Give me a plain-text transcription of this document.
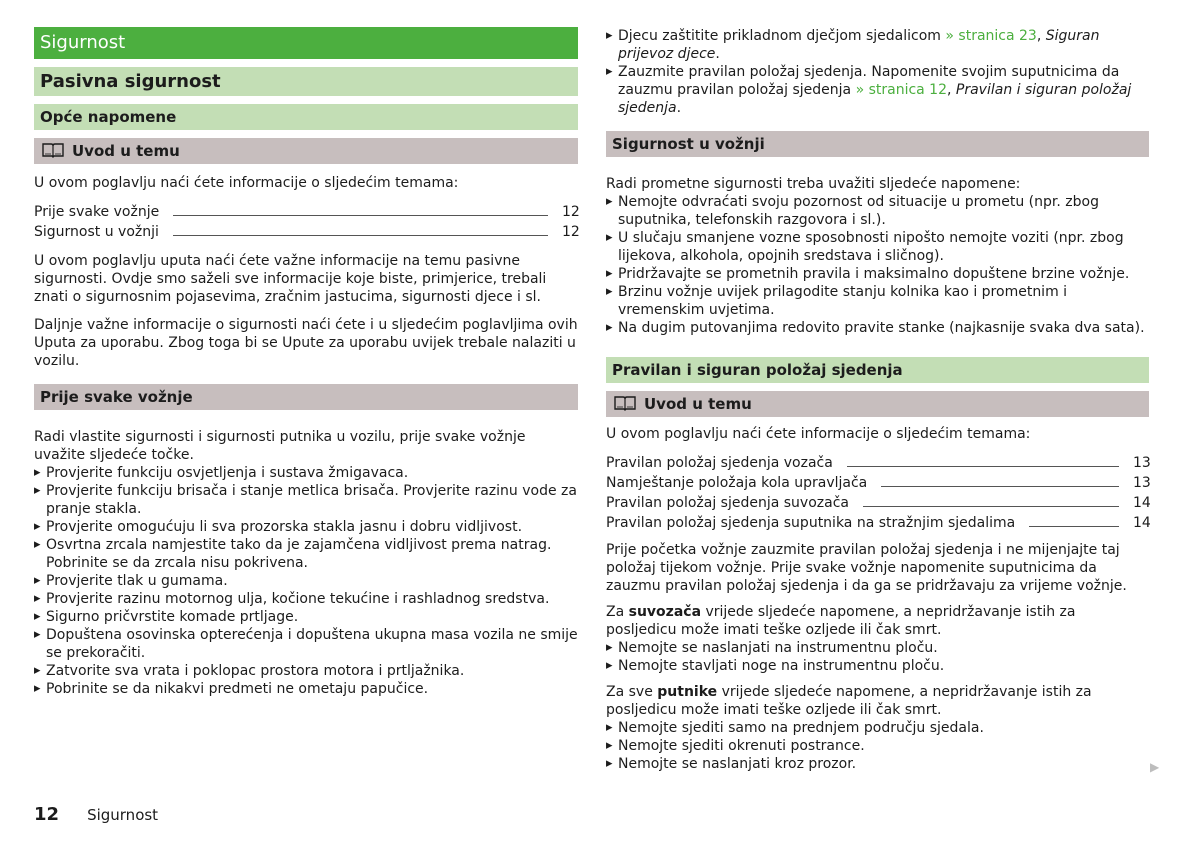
Sigurnost
Pasivna sigurnost
Opće napomene
Uvod u temu

U ovom poglavlju naći ćete informacije o sljedećim temama:

Prije svake vožnje	12
Sigurnost u vožnji	12

U ovom poglavlju uputa naći ćete važne informacije na temu pasivne sigurnosti. Ovdje smo saželi sve informacije koje biste, primjerice, trebali znati o sigurnosnim pojasevima, zračnim jastucima, sigurnosti djece i sl.

Daljnje važne informacije o sigurnosti naći ćete i u sljedećim poglavljima ovih Uputa za uporabu. Zbog toga bi se Upute za uporabu uvijek trebale nalaziti u vozilu.

Prije svake vožnje

Radi vlastite sigurnosti i sigurnosti putnika u vozilu, prije svake vožnje uvažite sljedeće točke.

▸ Provjerite funkciju osvjetljenja i sustava žmigavaca.
▸ Provjerite funkciju brisača i stanje metlica brisača. Provjerite razinu vode za pranje stakla.
▸ Provjerite omogućuju li sva prozorska stakla jasnu i dobru vidljivost.
▸ Osvrtna zrcala namjestite tako da je zajamčena vidljivost prema natrag. Pobrinite se da zrcala nisu pokrivena.
▸ Provjerite tlak u gumama.
▸ Provjerite razinu motornog ulja, kočione tekućine i rashladnog sredstva.
▸ Sigurno pričvrstite komade prtljage.
▸ Dopuštena osovinska opterećenja i dopuštena ukupna masa vozila ne smije se prekoračiti.
▸ Zatvorite sva vrata i poklopac prostora motora i prtljažnika.
▸ Pobrinite se da nikakvi predmeti ne ometaju papučice.
▸ Djecu zaštitite prikladnom dječjom sjedalicom » stranica 23, Siguran prijevoz djece.
▸ Zauzmite pravilan položaj sjedenja. Napomenite svojim suputnicima da zauzmu pravilan položaj sjedenja » stranica 12, Pravilan i siguran položaj sjedenja.
Sigurnost u vožnji

Radi prometne sigurnosti treba uvažiti sljedeće napomene:

▸ Nemojte odvraćati svoju pozornost od situacije u prometu (npr. zbog suputnika, telefonskih razgovora i sl.).
▸ U slučaju smanjene vozne sposobnosti nipošto nemojte voziti (npr. zbog lijekova, alkohola, opojnih sredstava i sličnog).
▸ Pridržavajte se prometnih pravila i maksimalno dopuštene brzine vožnje.
▸ Brzinu vožnje uvijek prilagodite stanju kolnika kao i prometnim i vremenskim uvjetima.
▸ Na dugim putovanjima redovito pravite stanke (najkasnije svaka dva sata).
Pravilan i siguran položaj sjedenja
Uvod u temu

U ovom poglavlju naći ćete informacije o sljedećim temama:

Pravilan položaj sjedenja vozača	13
Namještanje položaja kola upravljača	13
Pravilan položaj sjedenja suvozača	14
Pravilan položaj sjedenja suputnika na stražnjim sjedalima	14

Prije početka vožnje zauzmite pravilan položaj sjedenja i ne mijenjajte taj položaj tijekom vožnje. Prije svake vožnje napomenite suputnicima da zauzmu pravilan položaj sjedenja i da ga se pridržavaju za vrijeme vožnje.

Za suvozača vrijede sljedeće napomene, a nepridržavanje istih za posljedicu može imati teške ozljede ili čak smrt.

▸ Nemojte se naslanjati na instrumentnu ploču.
▸ Nemojte stavljati noge na instrumentnu ploču.

Za sve putnike vrijede sljedeće napomene, a nepridržavanje istih za posljedicu može imati teške ozljede ili čak smrt.

▸ Nemojte sjediti samo na prednjem području sjedala.
▸ Nemojte sjediti okrenuti postrance.
▸ Nemojte se naslanjati kroz prozor.	▶
12 Sigurnost
